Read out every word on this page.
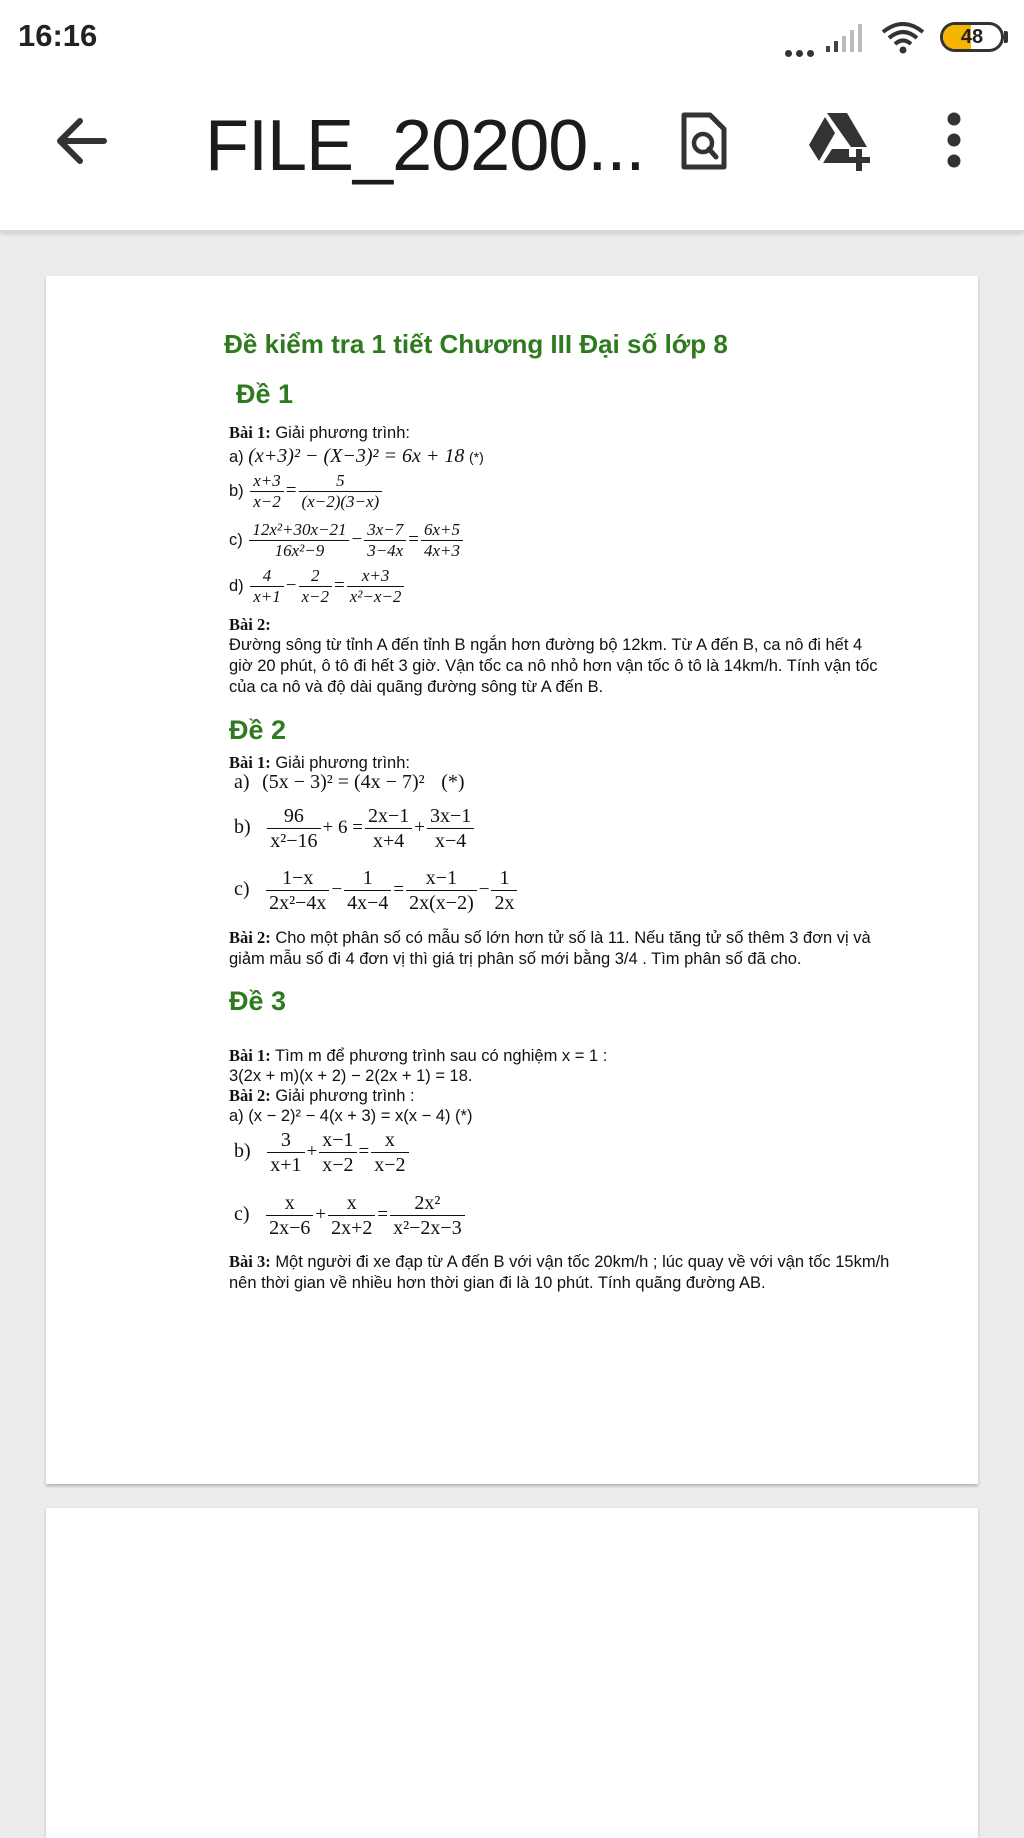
16:16	48
FILE_20200...
Đề kiểm tra 1 tiết Chương III Đại số lớp 8
Đề 1
Bài 1: Giải phương trình:
a) (x+3)² − (X−3)² = 6x + 18 (*)
$b) \frac{x+3}{x-2} = \frac{5}{(x-2)(3-x)}$
$c) \frac{\text{12x²+30x−21}}{\text{16x²−9}} - \frac{3x-7}{3-4x} = \frac{6x+5}{4x+3}$
$d) \frac{4}{x+1} - \frac{2}{x-2} = \frac{x+3}{\text{x²−x−2}}$
Bài 2:
Đường sông từ tỉnh A đến tỉnh B ngắn hơn đường bộ 12km. Từ A đến B, ca nô đi hết 4 giờ 20 phút, ô tô đi hết 3 giờ. Vận tốc ca nô nhỏ hơn vận tốc ô tô là 14km/h. Tính vận tốc của ca nô và độ dài quãng đường sông từ A đến B.
Đề 2
Bài 1: Giải phương trình:
a) (5x − 3)² = (4x − 7)² (*)
$b) \frac{96}{\text{x²−16}} + 6 = \frac{2x-1}{x+4} + \frac{3x-1}{x-4}$
$c) \frac{1-x}{\text{2x²−4x}} - \frac{1}{4x-4} = \frac{x-1}{2x(x-2)} - \frac{1}{2x}$
Bài 2: Cho một phân số có mẫu số lớn hơn tử số là 11. Nếu tăng tử số thêm 3 đơn vị và giảm mẫu số đi 4 đơn vị thì giá trị phân số mới bằng 3/4 . Tìm phân số đã cho.
Đề 3
Bài 1: Tìm m để phương trình sau có nghiệm x = 1 :
3(2x + m)(x + 2) − 2(2x + 1) = 18.
Bài 2: Giải phương trình :
a) (x − 2)² − 4(x + 3) = x(x − 4) (*)
$b) \frac{3}{x+1} + \frac{x-1}{x-2} = \frac{x}{x-2}$
$c) \frac{x}{2x-6} + \frac{x}{2x+2} = \frac{\text{2x²}}{\text{x²−2x−3}}$
Bài 3: Một người đi xe đạp từ A đến B với vận tốc 20km/h ; lúc quay về với vận tốc 15km/h nên thời gian về nhiều hơn thời gian đi là 10 phút. Tính quãng đường AB.
